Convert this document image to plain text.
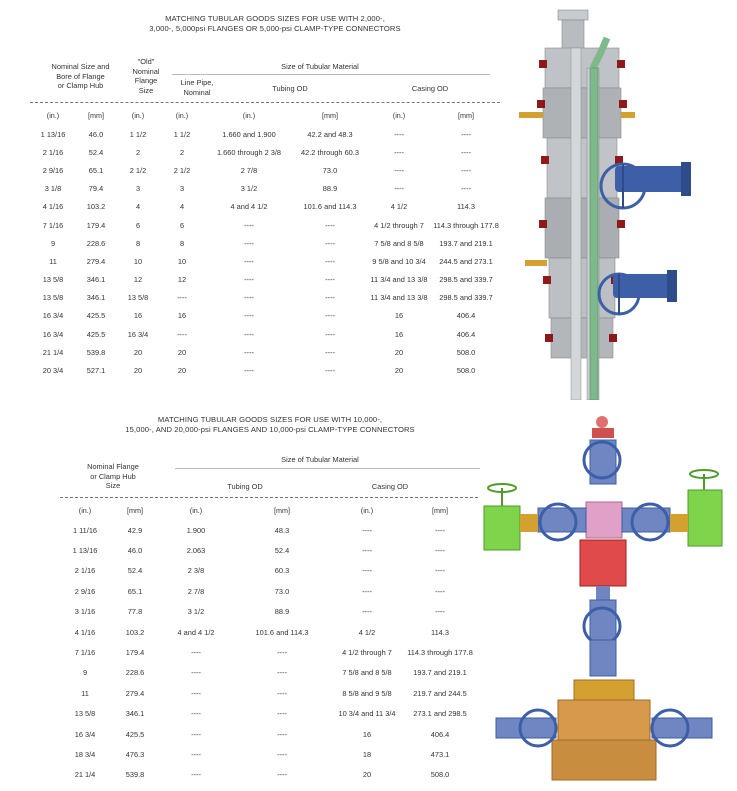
MATCHING TUBULAR GOODS SIZES FOR USE WITH 2,000-,
3,000-, 5,000psi FLANGES OR 5,000-psi CLAMP-TYPE CONNECTORS
Nominal Size and
Bore of Flange
or Clamp Hub
"Old"
Nominal
Flange
Size
Size of Tubular Material
Line Pipe,
Nominal	Tubing OD	Casing OD
(in.)	[mm]	(in.)	(in.)	(in.)	[mm]	(in.)	[mm]
1 13/16	46.0	1 1/2	1 1/2	1.660 and 1.900	42.2 and 48.3	----	----
2 1/16	52.4	2	2	1.660 through 2 3/8	42.2 through 60.3	----	----
2 9/16	65.1	2 1/2	2 1/2	2 7/8	73.0	----	----
3 1/8	79.4	3	3	3 1/2	88.9	----	----
4 1/16	103.2	4	4	4 and 4 1/2	101.6 and 114.3	4 1/2	114.3
7 1/16	179.4	6	6	----	----	4 1/2 through 7	114.3 through 177.8
9	228.6	8	8	----	----	7 5/8 and 8 5/8	193.7 and 219.1
11	279.4	10	10	----	----	9 5/8 and 10 3/4	244.5 and 273.1
13 5/8	346.1	12	12	----	----	11 3/4 and 13 3/8	298.5 and 339.7
13 5/8	346.1	13 5/8	----	----	----	11 3/4 and 13 3/8	298.5 and 339.7
16 3/4	425.5	16	16	----	----	16	406.4
16 3/4	425.5	16 3/4	----	----	----	16	406.4
21 1/4	539.8	20	20	----	----	20	508.0
20 3/4	527.1	20	20	----	----	20	508.0
MATCHING TUBULAR GOODS SIZES FOR USE WITH 10,000-,
15,000-, AND 20,000-psi FLANGES AND 10,000-psi CLAMP-TYPE CONNECTORS
Nominal Flange
or Clamp Hub
Size
Size of Tubular Material
Tubing OD	Casing OD
(in.)	[mm]	(in.)	[mm]	(in.)	[mm]
1 11/16	42.9	1.900	48.3	----	----
1 13/16	46.0	2.063	52.4	----	----
2 1/16	52.4	2 3/8	60.3	----	----
2 9/16	65.1	2 7/8	73.0	----	----
3 1/16	77.8	3 1/2	88.9	----	----
4 1/16	103.2	4 and 4 1/2	101.6 and 114.3	4 1/2	114.3
7 1/16	179.4	----	----	4 1/2 through 7	114.3 through 177.8
9	228.6	----	----	7 5/8 and 8 5/8	193.7 and 219.1
11	279.4	----	----	8 5/8 and 9 5/8	219.7 and 244.5
13 5/8	346.1	----	----	10 3/4 and 11 3/4	273.1 and 298.5
16 3/4	425.5	----	----	16	406.4
18 3/4	476.3	----	----	18	473.1
21 1/4	539.8	----	----	20	508.0
